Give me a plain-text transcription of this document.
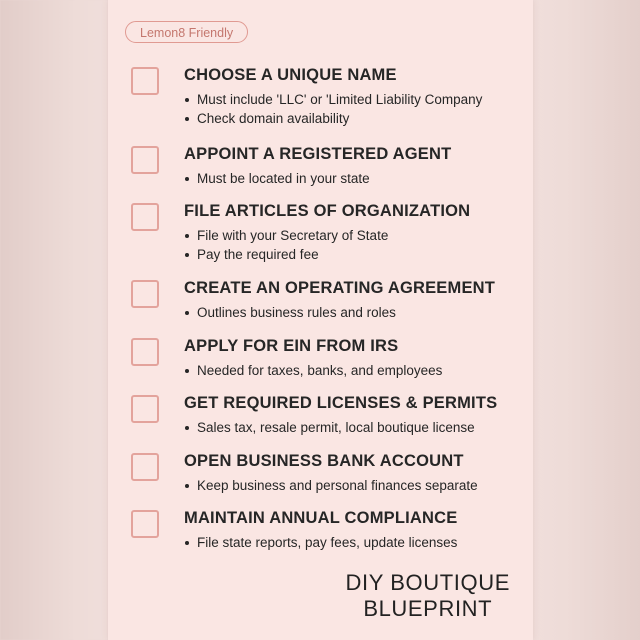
Lemon8 Friendly
CHOOSE A UNIQUE NAME
Must include 'LLC' or 'Limited Liability Company
Check domain availability
APPOINT A REGISTERED AGENT
Must be located in your state
FILE ARTICLES OF ORGANIZATION
File with your Secretary of State
Pay the required fee
CREATE AN OPERATING AGREEMENT
Outlines business rules and roles
APPLY FOR EIN FROM IRS
Needed for taxes, banks, and employees
GET REQUIRED LICENSES & PERMITS
Sales tax, resale permit, local boutique license
OPEN BUSINESS BANK ACCOUNT
Keep business and personal finances separate
MAINTAIN ANNUAL COMPLIANCE
File state reports, pay fees, update licenses
DIY BOUTIQUE
BLUEPRINT
